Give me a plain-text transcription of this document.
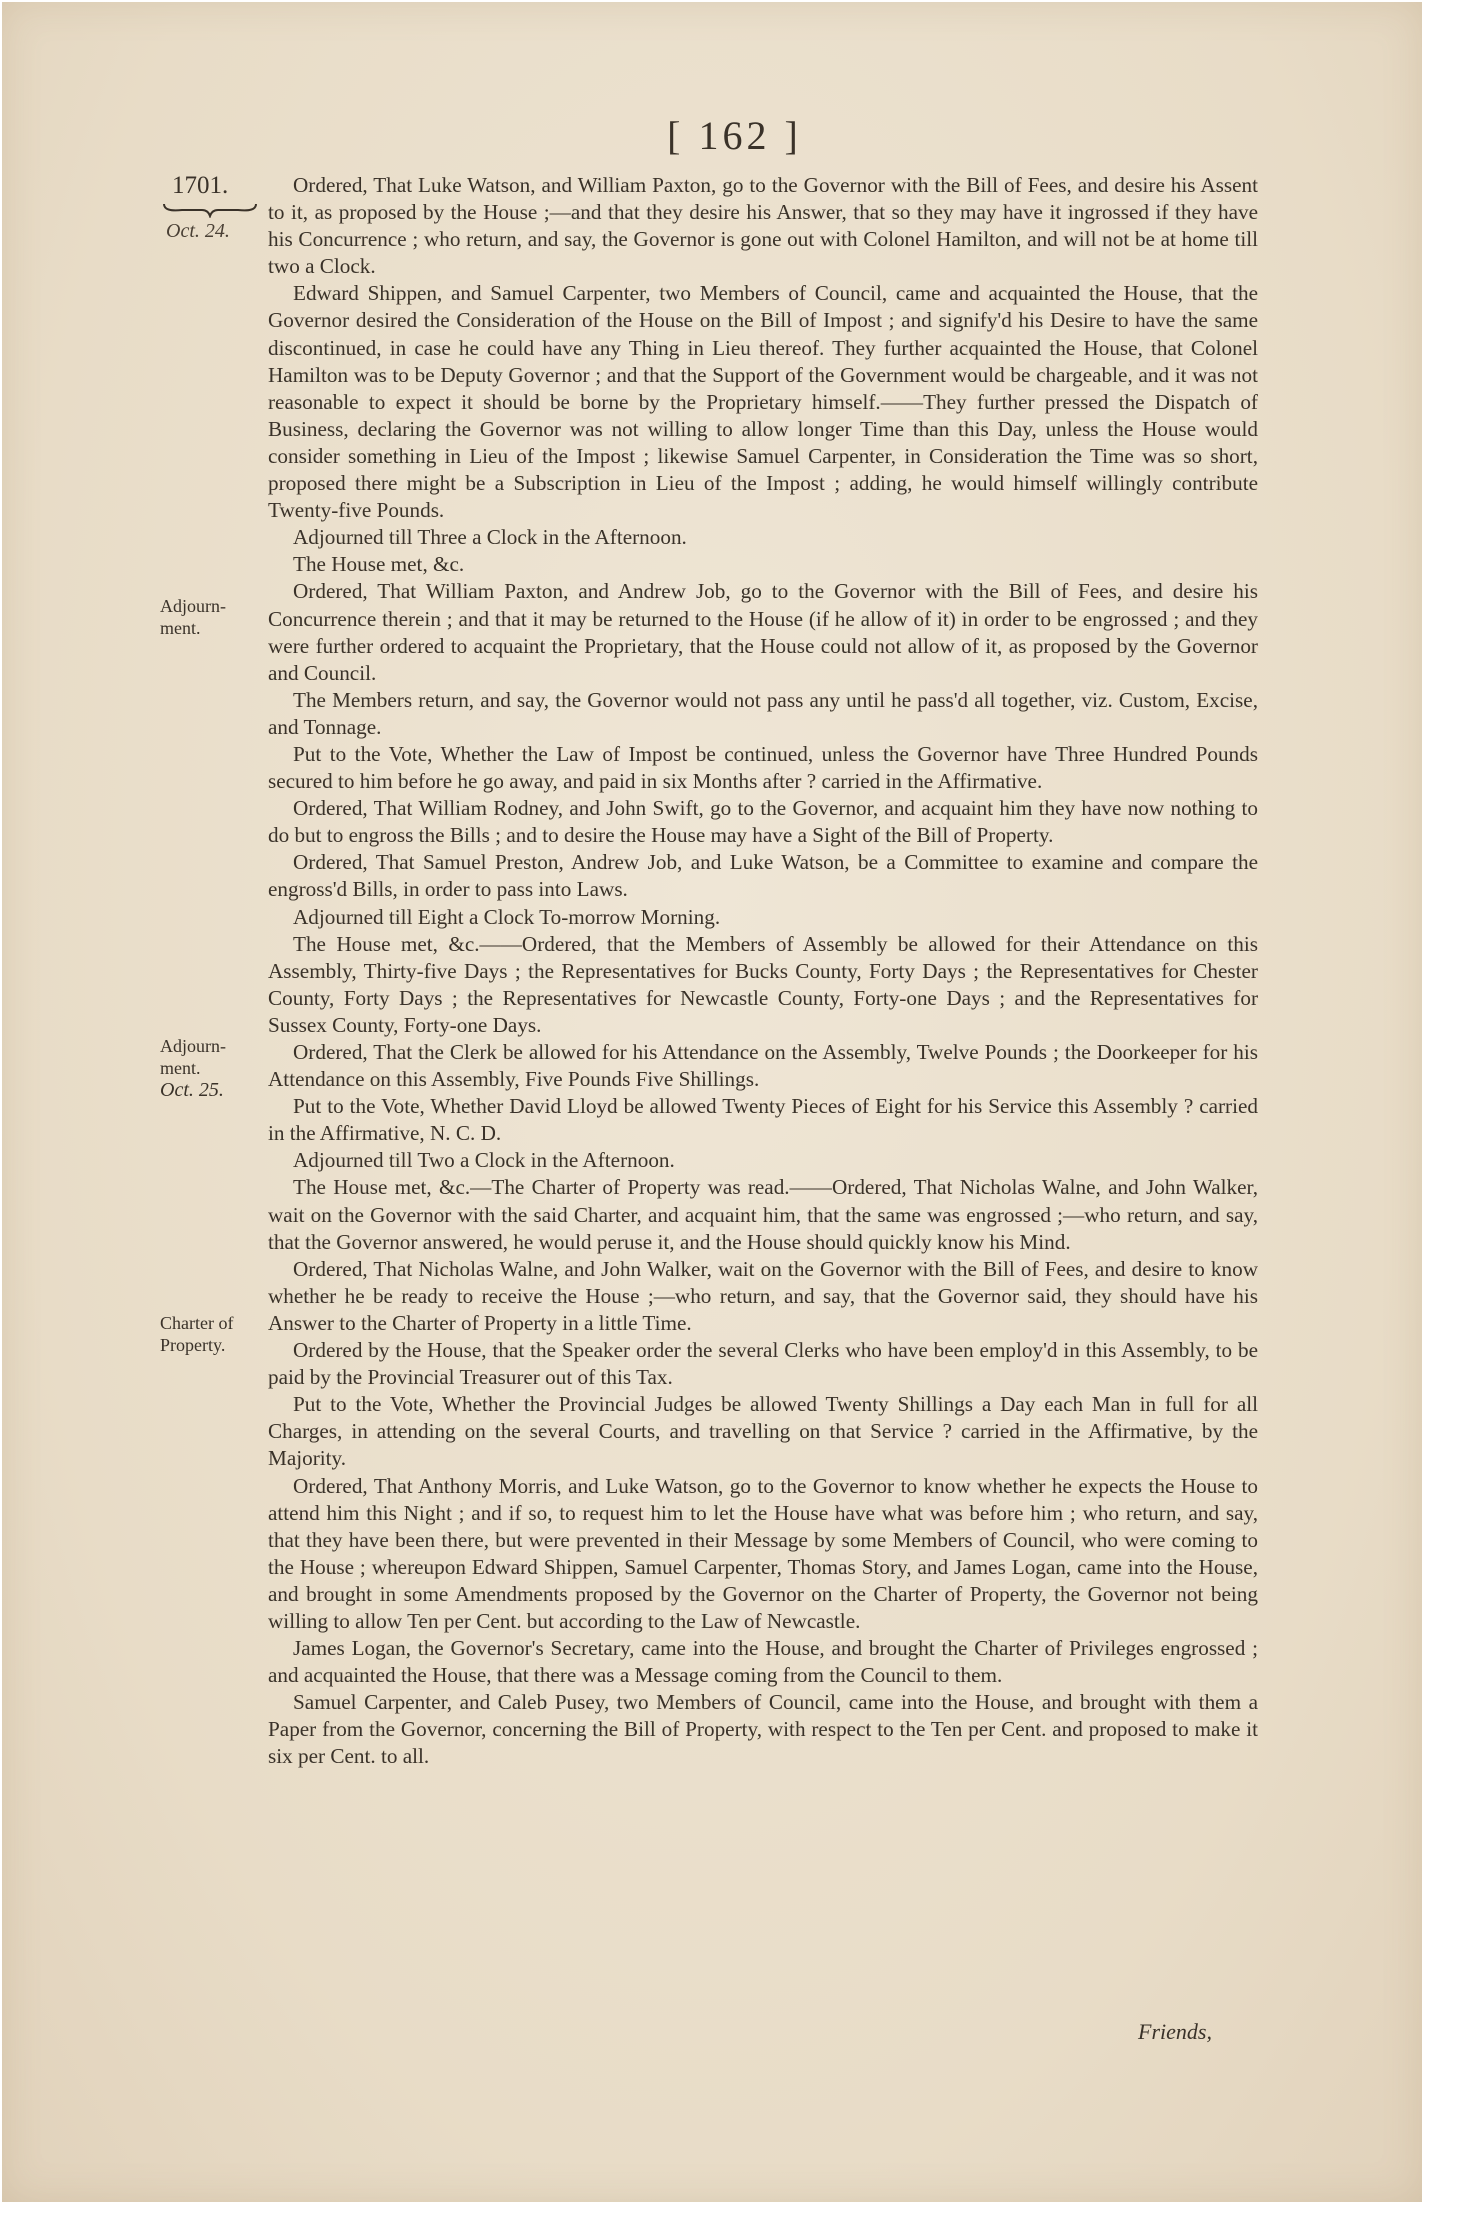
[ 162 ]
1701.
Oct. 24.
Adjourn-
ment.
Adjourn-
ment.
Oct. 25.
Charter of
Property.

Ordered, That Luke Watson, and William Paxton, go to the Governor with the Bill of Fees, and desire his Assent to it, as proposed by the House ;—and that they desire his Answer, that so they may have it ingrossed if they have his Concurrence ; who return, and say, the Governor is gone out with Colonel Hamilton, and will not be at home till two a Clock.

Edward Shippen, and Samuel Carpenter, two Members of Council, came and acquainted the House, that the Governor desired the Consideration of the House on the Bill of Impost ; and signify'd his Desire to have the same discontinued, in case he could have any Thing in Lieu thereof. They further acquainted the House, that Colonel Hamilton was to be Deputy Governor ; and that the Support of the Government would be chargeable, and it was not reasonable to expect it should be borne by the Proprietary himself.——They further pressed the Dispatch of Business, declaring the Governor was not willing to allow longer Time than this Day, unless the House would consider something in Lieu of the Impost ; likewise Samuel Carpenter, in Consideration the Time was so short, proposed there might be a Subscription in Lieu of the Impost ; adding, he would himself willingly contribute Twenty-five Pounds.

Adjourned till Three a Clock in the Afternoon.

The House met, &c.

Ordered, That William Paxton, and Andrew Job, go to the Governor with the Bill of Fees, and desire his Concurrence therein ; and that it may be returned to the House (if he allow of it) in order to be engrossed ; and they were further ordered to acquaint the Proprietary, that the House could not allow of it, as proposed by the Governor and Council.

The Members return, and say, the Governor would not pass any until he pass'd all together, viz. Custom, Excise, and Tonnage.

Put to the Vote, Whether the Law of Impost be continued, unless the Governor have Three Hundred Pounds secured to him before he go away, and paid in six Months after ? carried in the Affirmative.

Ordered, That William Rodney, and John Swift, go to the Governor, and acquaint him they have now nothing to do but to engross the Bills ; and to desire the House may have a Sight of the Bill of Property.

Ordered, That Samuel Preston, Andrew Job, and Luke Watson, be a Committee to examine and compare the engross'd Bills, in order to pass into Laws.

Adjourned till Eight a Clock To-morrow Morning.

The House met, &c.——Ordered, that the Members of Assembly be allowed for their Attendance on this Assembly, Thirty-five Days ; the Representatives for Bucks County, Forty Days ; the Representatives for Chester County, Forty Days ; the Representatives for Newcastle County, Forty-one Days ; and the Representatives for Sussex County, Forty-one Days.

Ordered, That the Clerk be allowed for his Attendance on the Assembly, Twelve Pounds ; the Doorkeeper for his Attendance on this Assembly, Five Pounds Five Shillings.

Put to the Vote, Whether David Lloyd be allowed Twenty Pieces of Eight for his Service this Assembly ? carried in the Affirmative, N. C. D.

Adjourned till Two a Clock in the Afternoon.

The House met, &c.—The Charter of Property was read.——Ordered, That Nicholas Walne, and John Walker, wait on the Governor with the said Charter, and acquaint him, that the same was engrossed ;—who return, and say, that the Governor answered, he would peruse it, and the House should quickly know his Mind.

Ordered, That Nicholas Walne, and John Walker, wait on the Governor with the Bill of Fees, and desire to know whether he be ready to receive the House ;—who return, and say, that the Governor said, they should have his Answer to the Charter of Property in a little Time.

Ordered by the House, that the Speaker order the several Clerks who have been employ'd in this Assembly, to be paid by the Provincial Treasurer out of this Tax.

Put to the Vote, Whether the Provincial Judges be allowed Twenty Shillings a Day each Man in full for all Charges, in attending on the several Courts, and travelling on that Service ? carried in the Affirmative, by the Majority.

Ordered, That Anthony Morris, and Luke Watson, go to the Governor to know whether he expects the House to attend him this Night ; and if so, to request him to let the House have what was before him ; who return, and say, that they have been there, but were prevented in their Message by some Members of Council, who were coming to the House ; whereupon Edward Shippen, Samuel Carpenter, Thomas Story, and James Logan, came into the House, and brought in some Amendments proposed by the Governor on the Charter of Property, the Governor not being willing to allow Ten per Cent. but according to the Law of Newcastle.

James Logan, the Governor's Secretary, came into the House, and brought the Charter of Privileges engrossed ; and acquainted the House, that there was a Message coming from the Council to them.

Samuel Carpenter, and Caleb Pusey, two Members of Council, came into the House, and brought with them a Paper from the Governor, concerning the Bill of Property, with respect to the Ten per Cent. and proposed to make it six per Cent. to all.

Friends,
